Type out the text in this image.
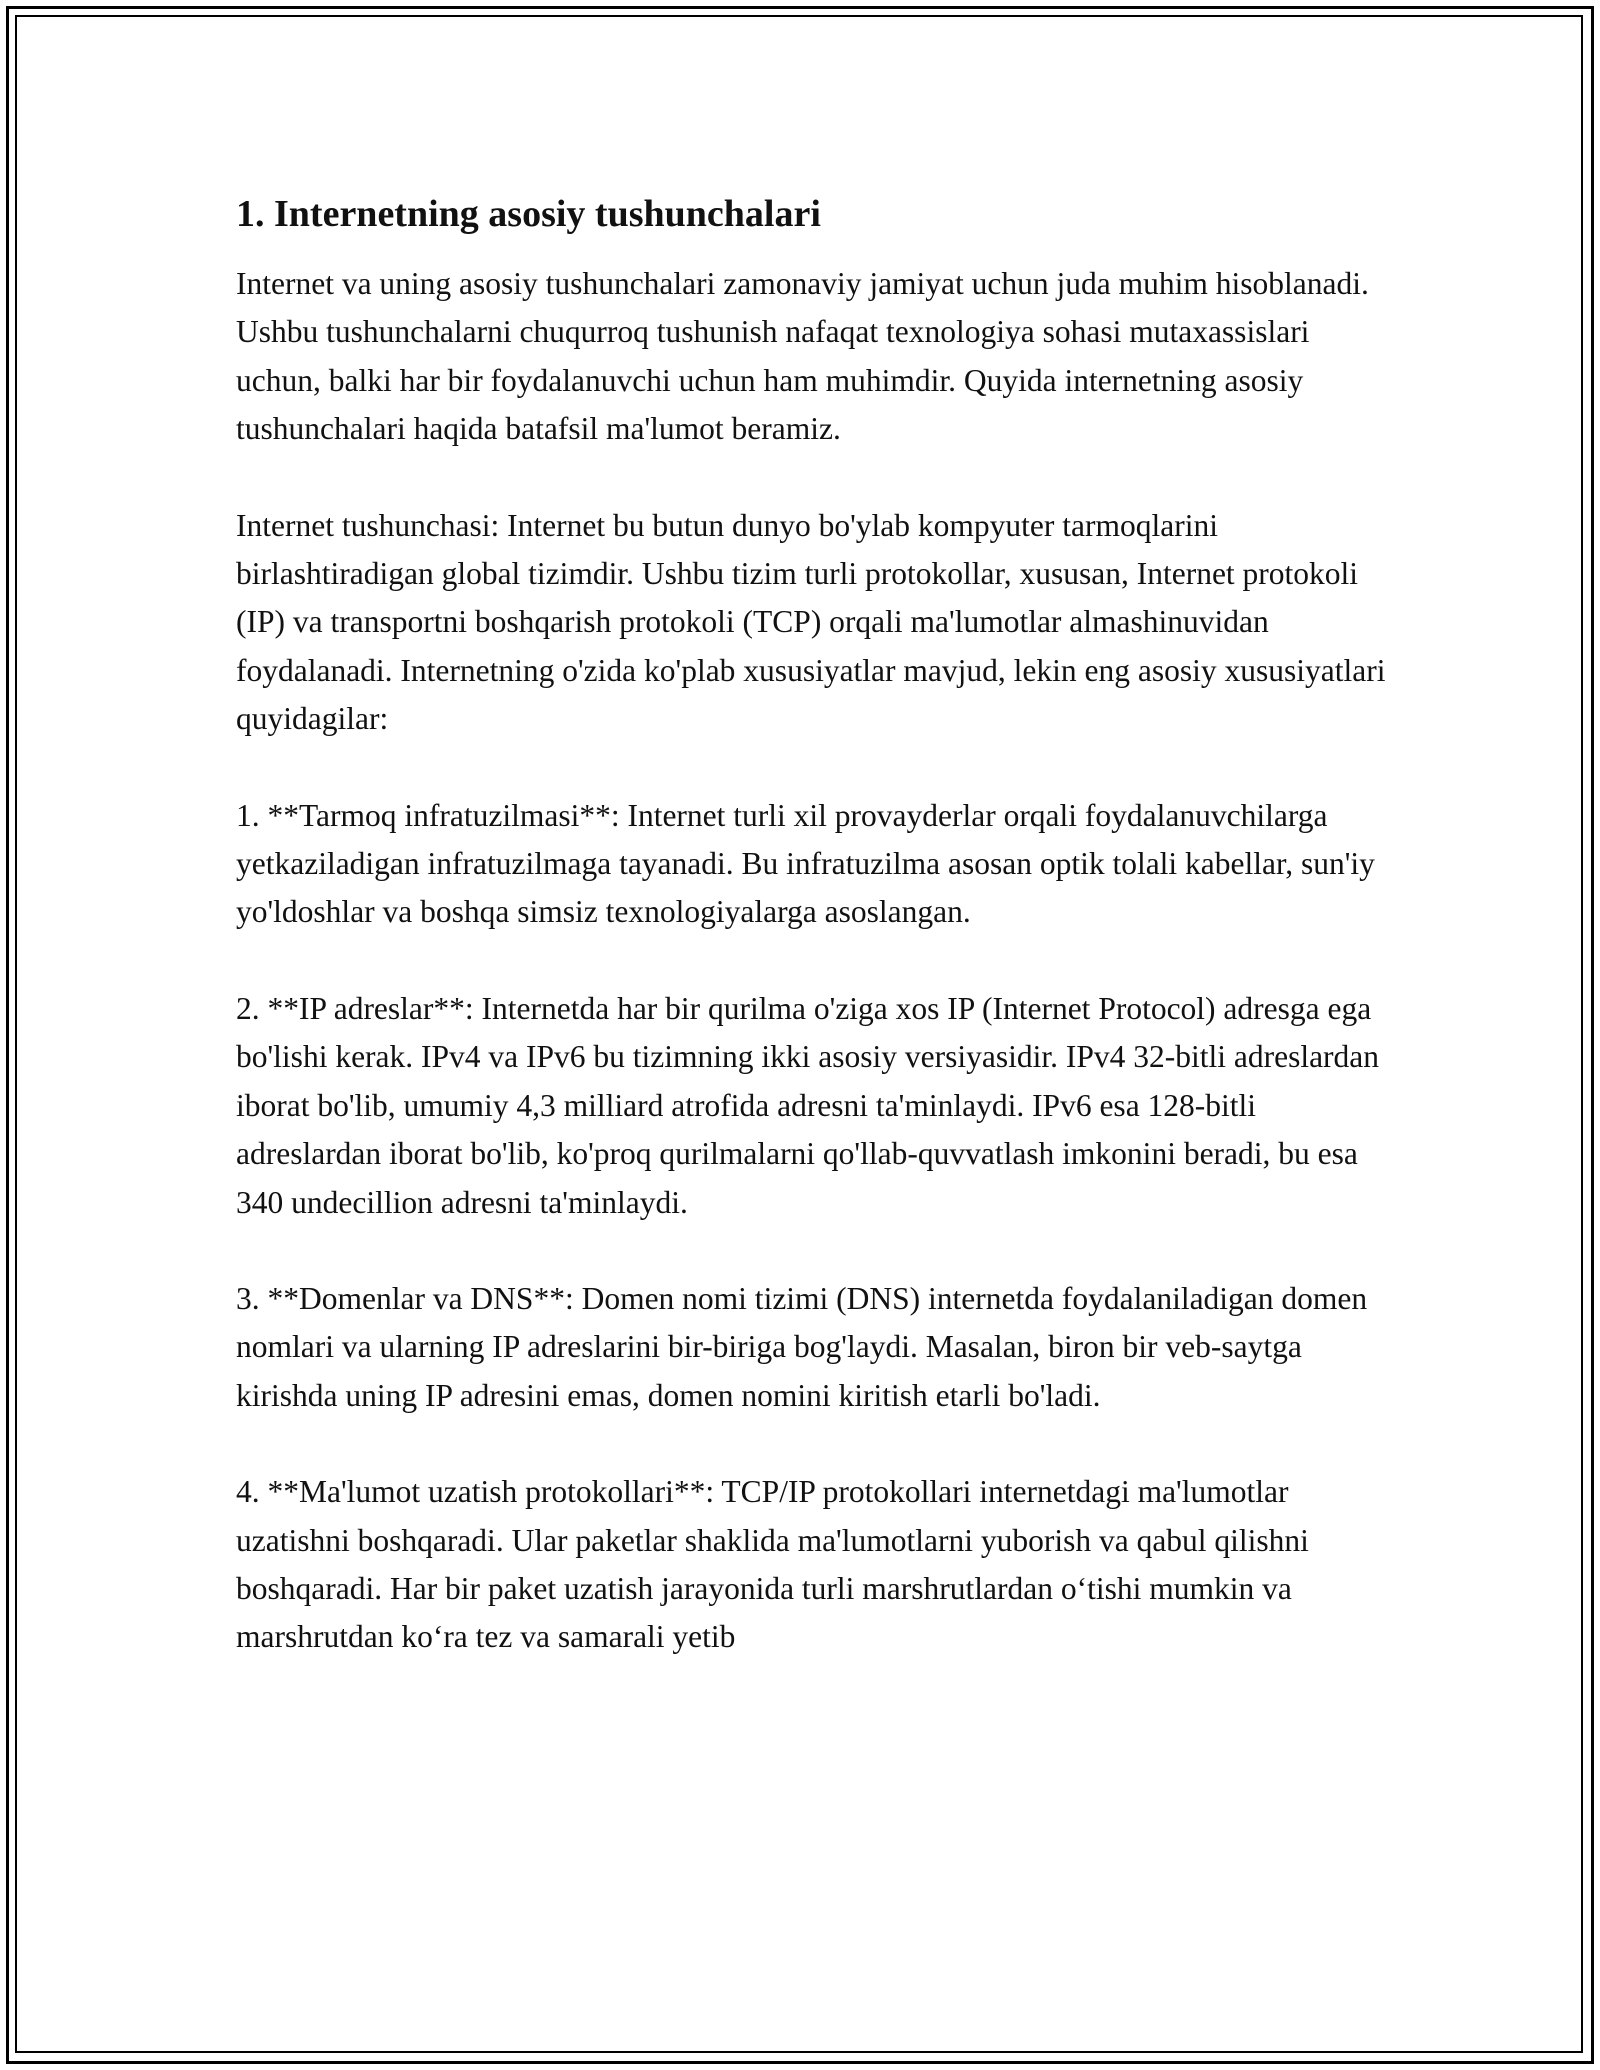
1. Internetning asosiy tushunchalari

Internet va uning asosiy tushunchalari zamonaviy jamiyat uchun juda muhim hisoblanadi. Ushbu tushunchalarni chuqurroq tushunish nafaqat texnologiya sohasi mutaxassislari uchun, balki har bir foydalanuvchi uchun ham muhimdir. Quyida internetning asosiy tushunchalari haqida batafsil ma'lumot beramiz.

Internet tushunchasi: Internet bu butun dunyo bo'ylab kompyuter tarmoqlarini birlashtiradigan global tizimdir. Ushbu tizim turli protokollar, xususan, Internet protokoli (IP) va transportni boshqarish protokoli (TCP) orqali ma'lumotlar almashinuvidan foydalanadi. Internetning o'zida ko'plab xususiyatlar mavjud, lekin eng asosiy xususiyatlari quyidagilar:

1. **Tarmoq infratuzilmasi**: Internet turli xil provayderlar orqali foydalanuvchilarga yetkaziladigan infratuzilmaga tayanadi. Bu infratuzilma asosan optik tolali kabellar, sun'iy yo'ldoshlar va boshqa simsiz texnologiyalarga asoslangan.

2. **IP adreslar**: Internetda har bir qurilma o'ziga xos IP (Internet Protocol) adresga ega bo'lishi kerak. IPv4 va IPv6 bu tizimning ikki asosiy versiyasidir. IPv4 32-bitli adreslardan iborat bo'lib, umumiy 4,3 milliard atrofida adresni ta'minlaydi. IPv6 esa 128-bitli adreslardan iborat bo'lib, ko'proq qurilmalarni qo'llab-quvvatlash imkonini beradi, bu esa 340 undecillion adresni ta'minlaydi.

3. **Domenlar va DNS**: Domen nomi tizimi (DNS) internetda foydalaniladigan domen nomlari va ularning IP adreslarini bir-biriga bog'laydi. Masalan, biron bir veb-saytga kirishda uning IP adresini emas, domen nomini kiritish etarli bo'ladi.

4. **Ma'lumot uzatish protokollari**: TCP/IP protokollari internetdagi ma'lumotlar uzatishni boshqaradi. Ular paketlar shaklida ma'lumotlarni yuborish va qabul qilishni boshqaradi. Har bir paket uzatish jarayonida turli marshrutlardan o‘tishi mumkin va marshrutdan ko‘ra tez va samarali yetib
